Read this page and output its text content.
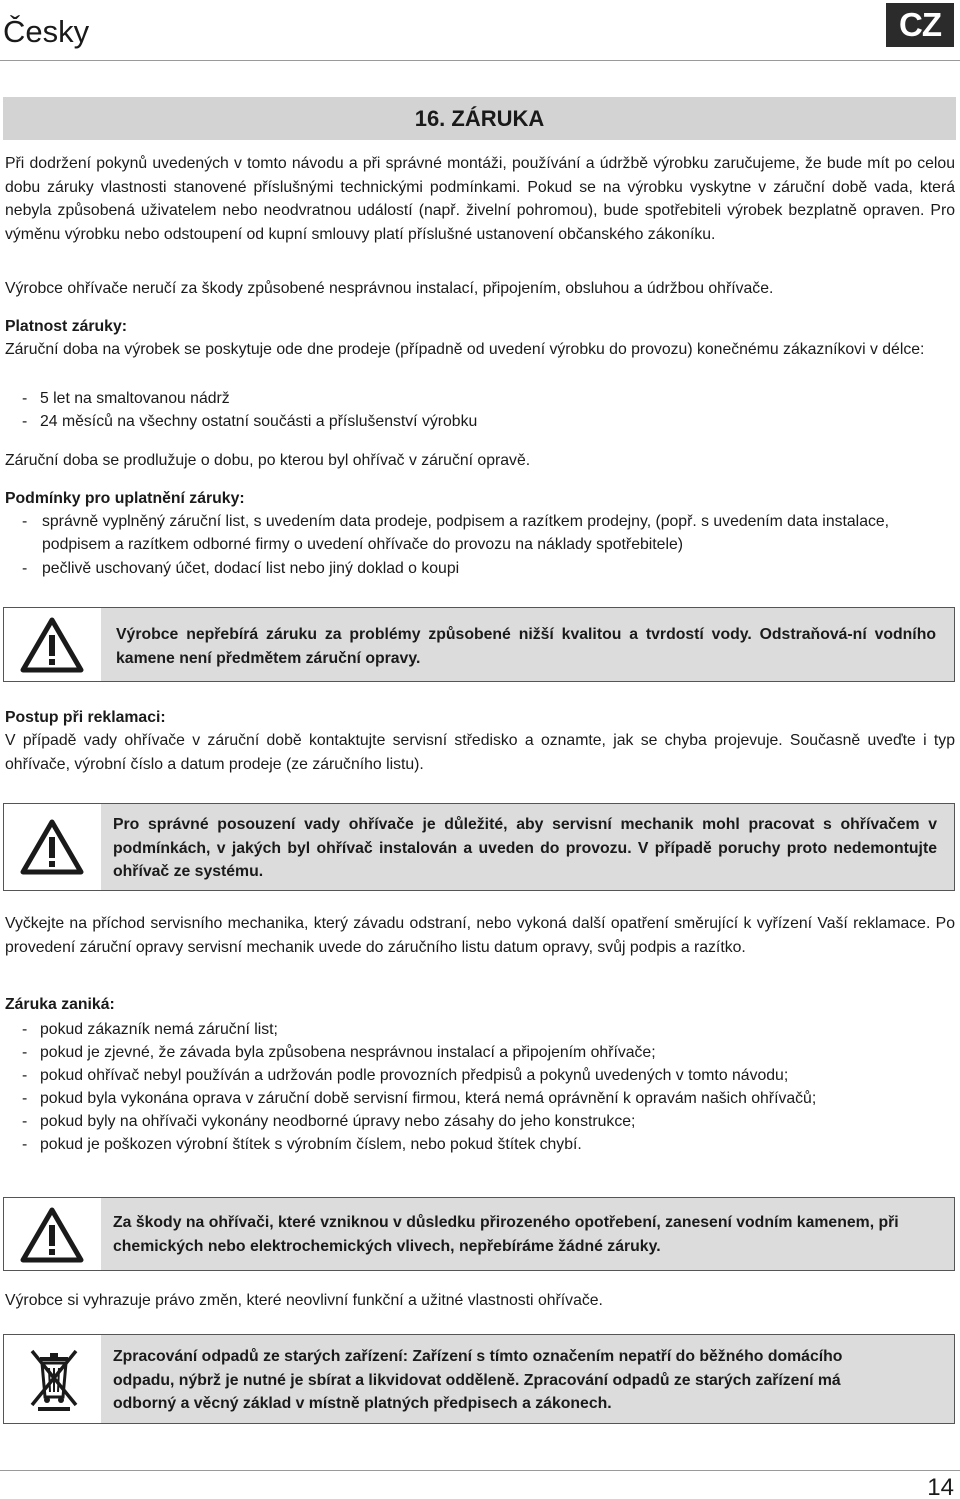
Česky	CZ
16. ZÁRUKA
Při dodržení pokynů uvedených v tomto návodu a při správné montáži, používání a údržbě výrobku zaručujeme, že bude mít po celou dobu záruky vlastnosti stanovené příslušnými technickými podmínkami. Pokud se na výrobku vyskytne v záruční době vada, která nebyla způsobená uživatelem nebo neodvratnou událostí (např. živelní pohromou), bude spotřebiteli výrobek bezplatně opraven. Pro výměnu výrobku nebo odstoupení od kupní smlouvy platí příslušné ustanovení občanského zákoníku.
Výrobce ohřívače neručí za škody způsobené nesprávnou instalací, připojením, obsluhou a údržbou ohřívače.
Platnost záruky:
Záruční doba na výrobek se poskytuje ode dne prodeje (případně od uvedení výrobku do provozu) konečnému zákazníkovi v délce:
- 5 let na smaltovanou nádrž
- 24 měsíců na všechny ostatní součásti a příslušenství výrobku
Záruční doba se prodlužuje o dobu, po kterou byl ohřívač v záruční opravě.
Podmínky pro uplatnění záruky:
- správně vyplněný záruční list, s uvedením data prodeje, podpisem a razítkem prodejny, (popř. s uvedením data instalace, podpisem a razítkem odborné firmy o uvedení ohřívače do provozu na náklady spotřebitele)
- pečlivě uschovaný účet, dodací list nebo jiný doklad o koupi
Výrobce nepřebírá záruku za problémy způsobené nižší kvalitou a tvrdostí vody. Odstraňová-ní vodního kamene není předmětem záruční opravy.
Postup při reklamaci:
V případě vady ohřívače v záruční době kontaktujte servisní středisko a oznamte, jak se chyba projevuje. Současně uveďte i typ ohřívače, výrobní číslo a datum prodeje (ze záručního listu).
Pro správné posouzení vady ohřívače je důležité, aby servisní mechanik mohl pracovat s ohřívačem v podmínkách, v jakých byl ohřívač instalován a uveden do provozu. V případě poruchy proto nedemontujte ohřívač ze systému.
Vyčkejte na příchod servisního mechanika, který závadu odstraní, nebo vykoná další opatření směrující k vyřízení Vaší reklamace. Po provedení záruční opravy servisní mechanik uvede do záručního listu datum opravy, svůj podpis a razítko.
Záruka zaniká:
- pokud zákazník nemá záruční list;
- pokud je zjevné, že závada byla způsobena nesprávnou instalací a připojením ohřívače;
- pokud ohřívač nebyl používán a udržován podle provozních předpisů a pokynů uvedených v tomto návodu;
- pokud byla vykonána oprava v záruční době servisní firmou, která nemá oprávnění k opravám našich ohřívačů;
- pokud byly na ohřívači vykonány neodborné úpravy nebo zásahy do jeho konstrukce;
- pokud je poškozen výrobní štítek s výrobním číslem, nebo pokud štítek chybí.
Za škody na ohřívači, které vzniknou v důsledku přirozeného opotřebení, zanesení vodním kamenem, při chemických nebo elektrochemických vlivech, nepřebíráme žádné záruky.
Výrobce si vyhrazuje právo změn, které neovlivní funkční a užitné vlastnosti ohřívače.
Zpracování odpadů ze starých zařízení: Zařízení s tímto označením nepatří do běžného domácího odpadu, nýbrž je nutné je sbírat a likvidovat odděleně. Zpracování odpadů ze starých zařízení má odborný a věcný základ v místně platných předpisech a zákonech.
14
